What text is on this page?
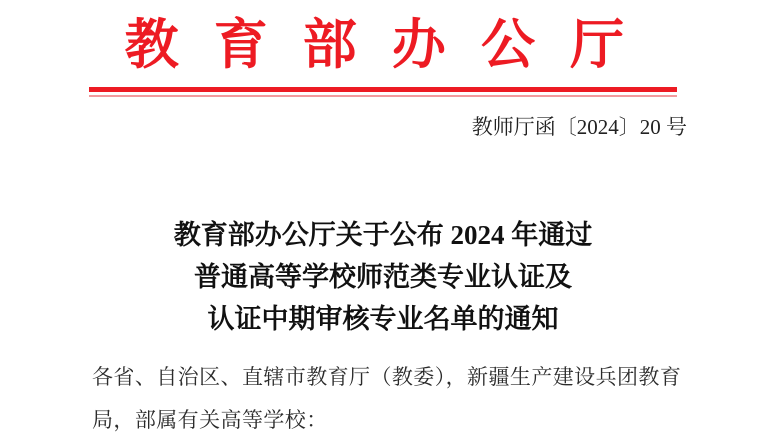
教育部办公厅
教师厅函〔2024〕20 号
教育部办公厅关于公布 2024 年通过
普通高等学校师范类专业认证及
认证中期审核专业名单的通知
各省、自治区、直辖市教育厅（教委），新疆生产建设兵团教育
局，部属有关高等学校：
